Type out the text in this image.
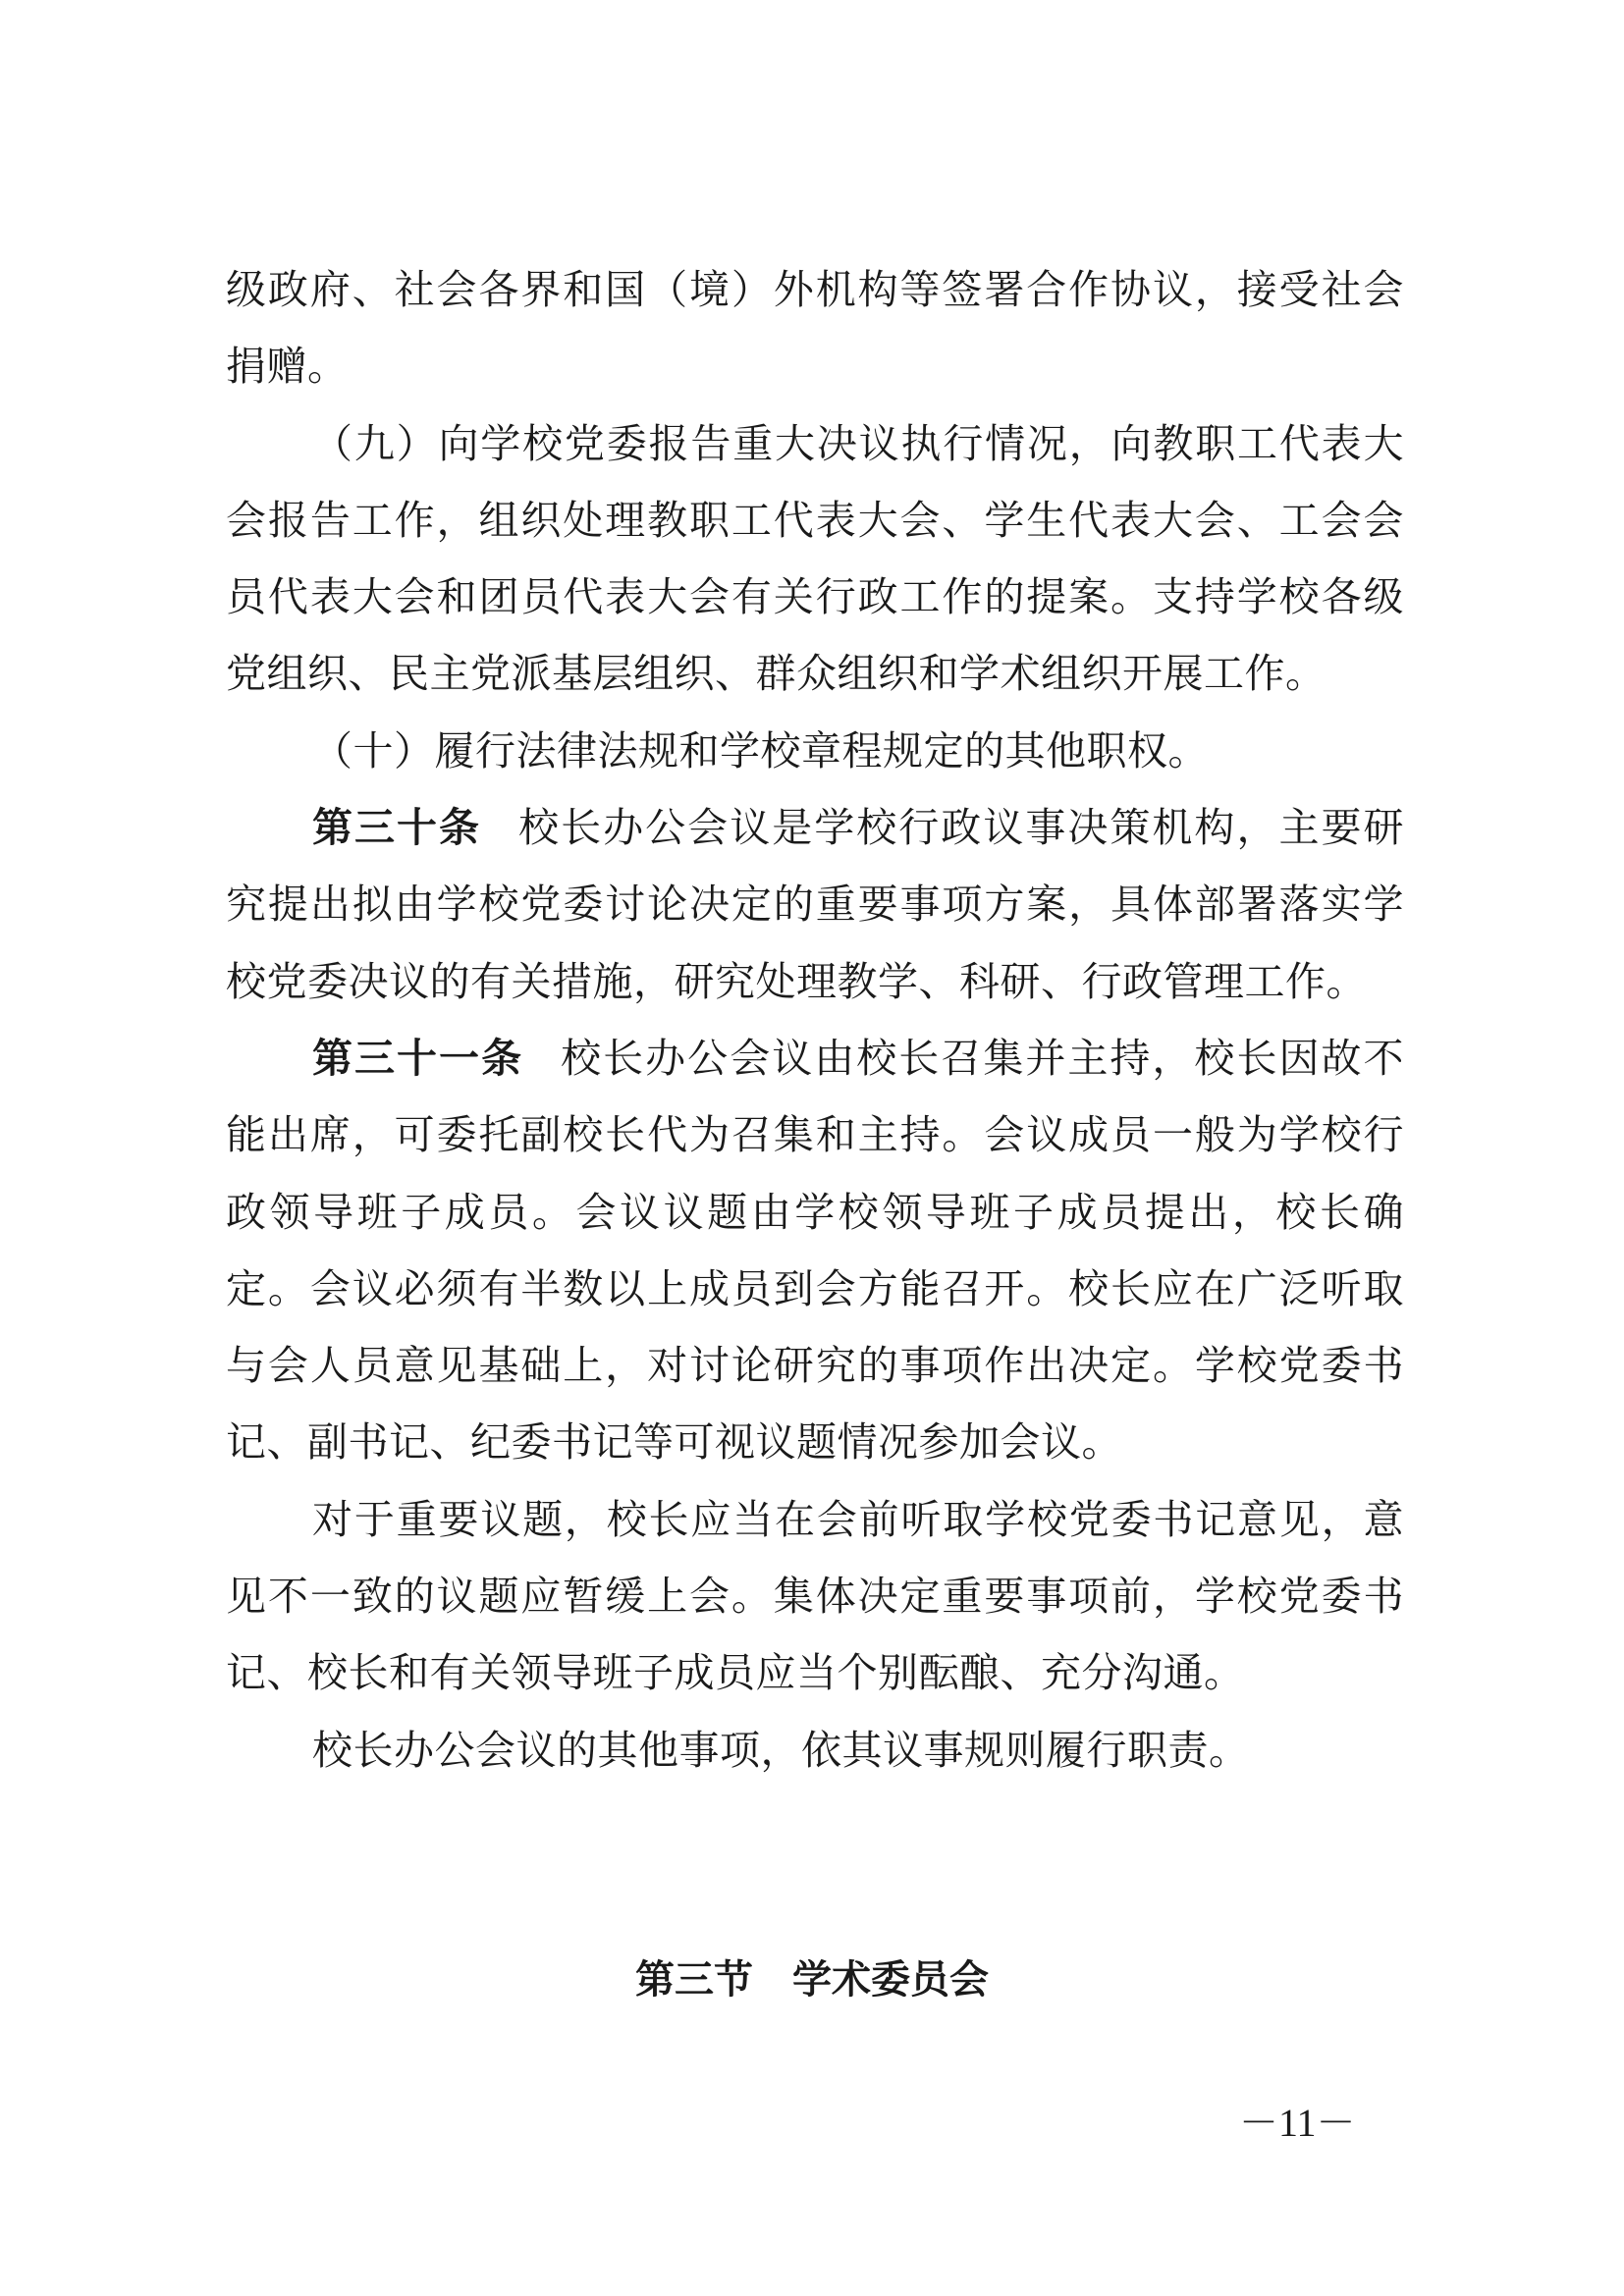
级政府、社会各界和国（境）外机构等签署合作协议，接受社会捐赠。

（九）向学校党委报告重大决议执行情况，向教职工代表大会报告工作，组织处理教职工代表大会、学生代表大会、工会会员代表大会和团员代表大会有关行政工作的提案。支持学校各级党组织、民主党派基层组织、群众组织和学术组织开展工作。

（十）履行法律法规和学校章程规定的其他职权。

第三十条 校长办公会议是学校行政议事决策机构，主要研究提出拟由学校党委讨论决定的重要事项方案，具体部署落实学校党委决议的有关措施，研究处理教学、科研、行政管理工作。

第三十一条 校长办公会议由校长召集并主持，校长因故不能出席，可委托副校长代为召集和主持。会议成员一般为学校行政领导班子成员。会议议题由学校领导班子成员提出，校长确定。会议必须有半数以上成员到会方能召开。校长应在广泛听取与会人员意见基础上，对讨论研究的事项作出决定。学校党委书记、副书记、纪委书记等可视议题情况参加会议。

对于重要议题，校长应当在会前听取学校党委书记意见，意见不一致的议题应暂缓上会。集体决定重要事项前，学校党委书记、校长和有关领导班子成员应当个别酝酿、充分沟通。

校长办公会议的其他事项，依其议事规则履行职责。

第三节 学术委员会
－11－
